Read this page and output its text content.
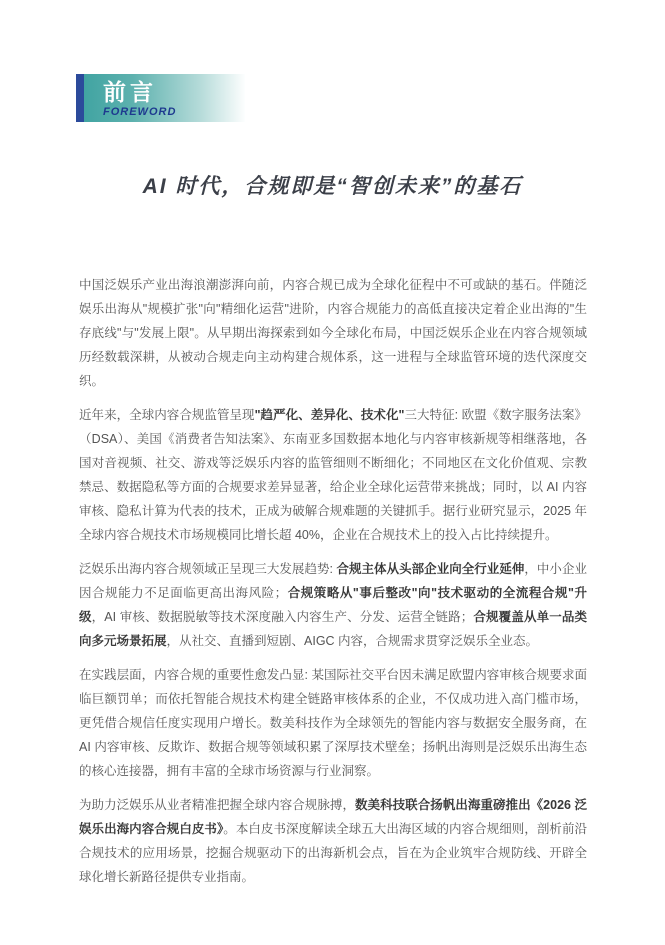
前言
FOREWORD
AI 时代，合规即是“智创未来”的基石

中国泛娱乐产业出海浪潮澎湃向前，内容合规已成为全球化征程中不可或缺的基石。伴随泛娱乐出海从"规模扩张"向"精细化运营"进阶，内容合规能力的高低直接决定着企业出海的"生存底线"与"发展上限"。从早期出海探索到如今全球化布局，中国泛娱乐企业在内容合规领域历经数载深耕，从被动合规走向主动构建合规体系，这一进程与全球监管环境的迭代深度交织。

近年来，全球内容合规监管呈现"趋严化、差异化、技术化"三大特征: 欧盟《数字服务法案》（DSA）、美国《消费者告知法案》、东南亚多国数据本地化与内容审核新规等相继落地，各国对音视频、社交、游戏等泛娱乐内容的监管细则不断细化；不同地区在文化价值观、宗教禁忌、数据隐私等方面的合规要求差异显著，给企业全球化运营带来挑战；同时，以 AI 内容审核、隐私计算为代表的技术，正成为破解合规难题的关键抓手。据行业研究显示，2025 年全球内容合规技术市场规模同比增长超 40%，企业在合规技术上的投入占比持续提升。

泛娱乐出海内容合规领域正呈现三大发展趋势: 合规主体从头部企业向全行业延伸，中小企业因合规能力不足面临更高出海风险；合规策略从"事后整改"向"技术驱动的全流程合规"升级，AI 审核、数据脱敏等技术深度融入内容生产、分发、运营全链路；合规覆盖从单一品类向多元场景拓展，从社交、直播到短剧、AIGC 内容，合规需求贯穿泛娱乐全业态。

在实践层面，内容合规的重要性愈发凸显: 某国际社交平台因未满足欧盟内容审核合规要求面临巨额罚单；而依托智能合规技术构建全链路审核体系的企业，不仅成功进入高门槛市场，更凭借合规信任度实现用户增长。数美科技作为全球领先的智能内容与数据安全服务商，在 AI 内容审核、反欺诈、数据合规等领域积累了深厚技术壁垒；扬帆出海则是泛娱乐出海生态的核心连接器，拥有丰富的全球市场资源与行业洞察。

为助力泛娱乐从业者精准把握全球内容合规脉搏，数美科技联合扬帆出海重磅推出《2026 泛娱乐出海内容合规白皮书》。本白皮书深度解读全球五大出海区域的内容合规细则，剖析前沿合规技术的应用场景，挖掘合规驱动下的出海新机会点，旨在为企业筑牢合规防线、开辟全球化增长新路径提供专业指南。
